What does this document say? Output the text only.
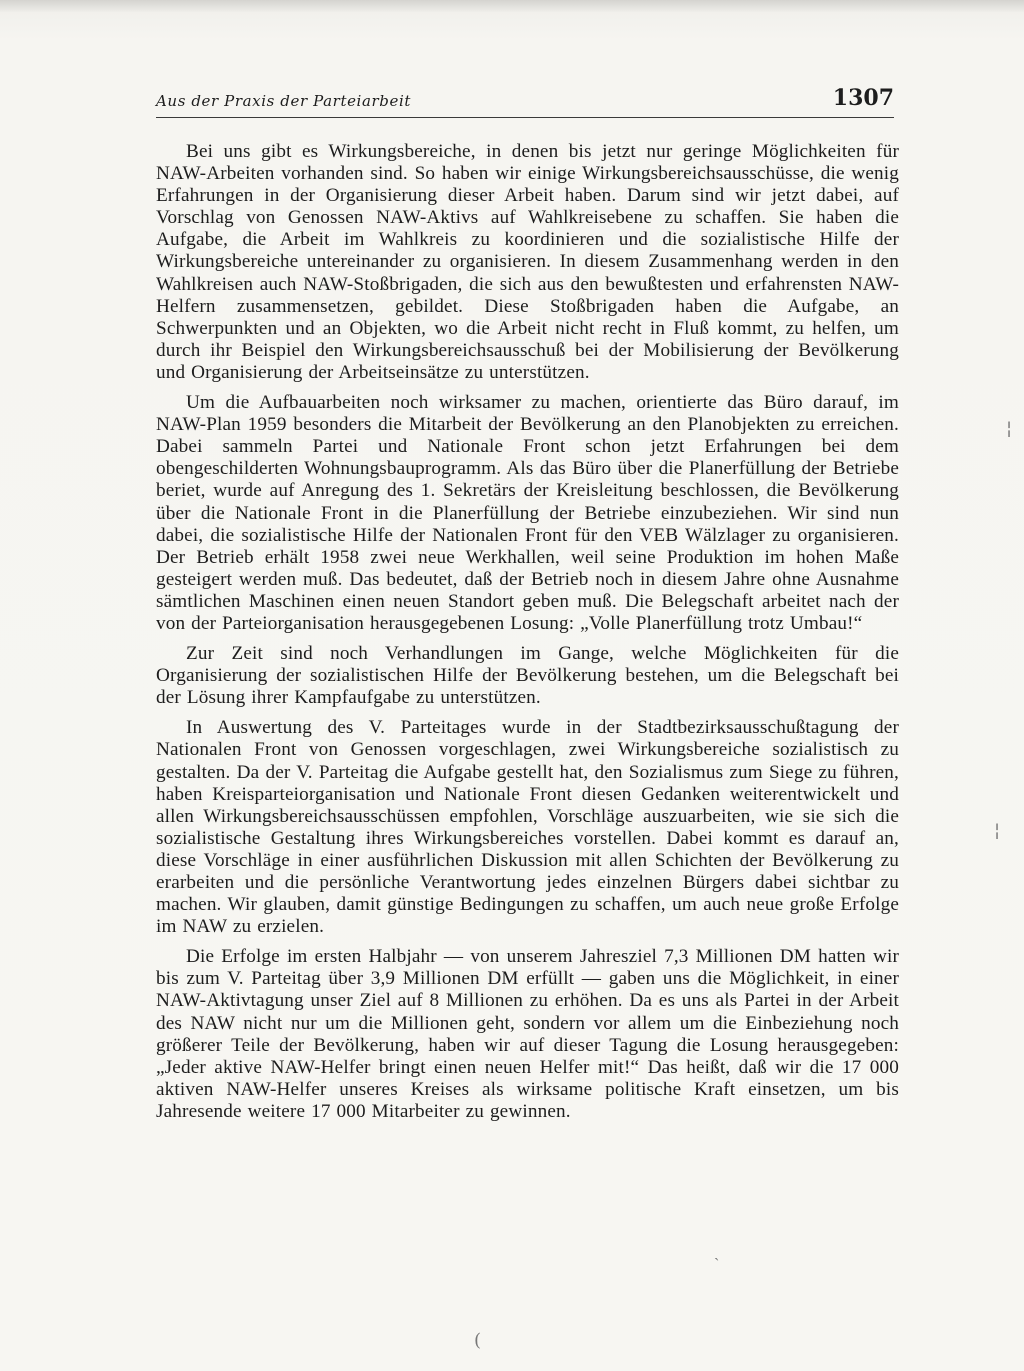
Aus der Praxis der Parteiarbeit	1307

Bei uns gibt es Wirkungsbereiche, in denen bis jetzt nur geringe Möglichkeiten für NAW-Arbeiten vorhanden sind. So haben wir einige Wirkungsbereichsausschüsse, die wenig Erfahrungen in der Organisierung dieser Arbeit haben. Darum sind wir jetzt dabei, auf Vorschlag von Genossen NAW-Aktivs auf Wahlkreisebene zu schaffen. Sie haben die Aufgabe, die Arbeit im Wahlkreis zu koordinieren und die sozialistische Hilfe der Wirkungsbereiche untereinander zu organisieren. In diesem Zusammenhang werden in den Wahlkreisen auch NAW-Stoßbrigaden, die sich aus den bewußtesten und erfahrensten NAW-Helfern zusammensetzen, gebildet. Diese Stoßbrigaden haben die Aufgabe, an Schwerpunkten und an Objekten, wo die Arbeit nicht recht in Fluß kommt, zu helfen, um durch ihr Beispiel den Wirkungsbereichsausschuß bei der Mobilisierung der Bevölkerung und Organisierung der Arbeitseinsätze zu unterstützen.

Um die Aufbauarbeiten noch wirksamer zu machen, orientierte das Büro darauf, im NAW-Plan 1959 besonders die Mitarbeit der Bevölkerung an den Planobjekten zu erreichen. Dabei sammeln Partei und Nationale Front schon jetzt Erfahrungen bei dem obengeschilderten Wohnungsbauprogramm. Als das Büro über die Planerfüllung der Betriebe beriet, wurde auf Anregung des 1. Sekretärs der Kreisleitung beschlossen, die Bevölkerung über die Nationale Front in die Planerfüllung der Betriebe einzubeziehen. Wir sind nun dabei, die sozialistische Hilfe der Nationalen Front für den VEB Wälzlager zu organisieren. Der Betrieb erhält 1958 zwei neue Werkhallen, weil seine Produktion im hohen Maße gesteigert werden muß. Das bedeutet, daß der Betrieb noch in diesem Jahre ohne Ausnahme sämtlichen Maschinen einen neuen Standort geben muß. Die Belegschaft arbeitet nach der von der Parteiorganisation herausgegebenen Losung: „Volle Planerfüllung trotz Umbau!“

Zur Zeit sind noch Verhandlungen im Gange, welche Möglichkeiten für die Organisierung der sozialistischen Hilfe der Bevölkerung bestehen, um die Belegschaft bei der Lösung ihrer Kampfaufgabe zu unterstützen.

In Auswertung des V. Parteitages wurde in der Stadtbezirksausschußtagung der Nationalen Front von Genossen vorgeschlagen, zwei Wirkungsbereiche sozialistisch zu gestalten. Da der V. Parteitag die Aufgabe gestellt hat, den Sozialismus zum Siege zu führen, haben Kreisparteiorganisation und Nationale Front diesen Gedanken weiterentwickelt und allen Wirkungsbereichsausschüssen empfohlen, Vorschläge auszuarbeiten, wie sie sich die sozialistische Gestaltung ihres Wirkungsbereiches vorstellen. Dabei kommt es darauf an, diese Vorschläge in einer ausführlichen Diskussion mit allen Schichten der Bevölkerung zu erarbeiten und die persönliche Verantwortung jedes einzelnen Bürgers dabei sichtbar zu machen. Wir glauben, damit günstige Bedingungen zu schaffen, um auch neue große Erfolge im NAW zu erzielen.

Die Erfolge im ersten Halbjahr — von unserem Jahresziel 7,3 Millionen DM hatten wir bis zum V. Parteitag über 3,9 Millionen DM erfüllt — gaben uns die Möglichkeit, in einer NAW-Aktivtagung unser Ziel auf 8 Millionen zu erhöhen. Da es uns als Partei in der Arbeit des NAW nicht nur um die Millionen geht, sondern vor allem um die Einbeziehung noch größerer Teile der Bevölkerung, haben wir auf dieser Tagung die Losung herausgegeben: „Jeder aktive NAW-Helfer bringt einen neuen Helfer mit!“ Das heißt, daß wir die 17 000 aktiven NAW-Helfer unseres Kreises als wirksame politische Kraft einsetzen, um bis Jahresende weitere 17 000 Mitarbeiter zu gewinnen.

¦
¦
ˎ
(
